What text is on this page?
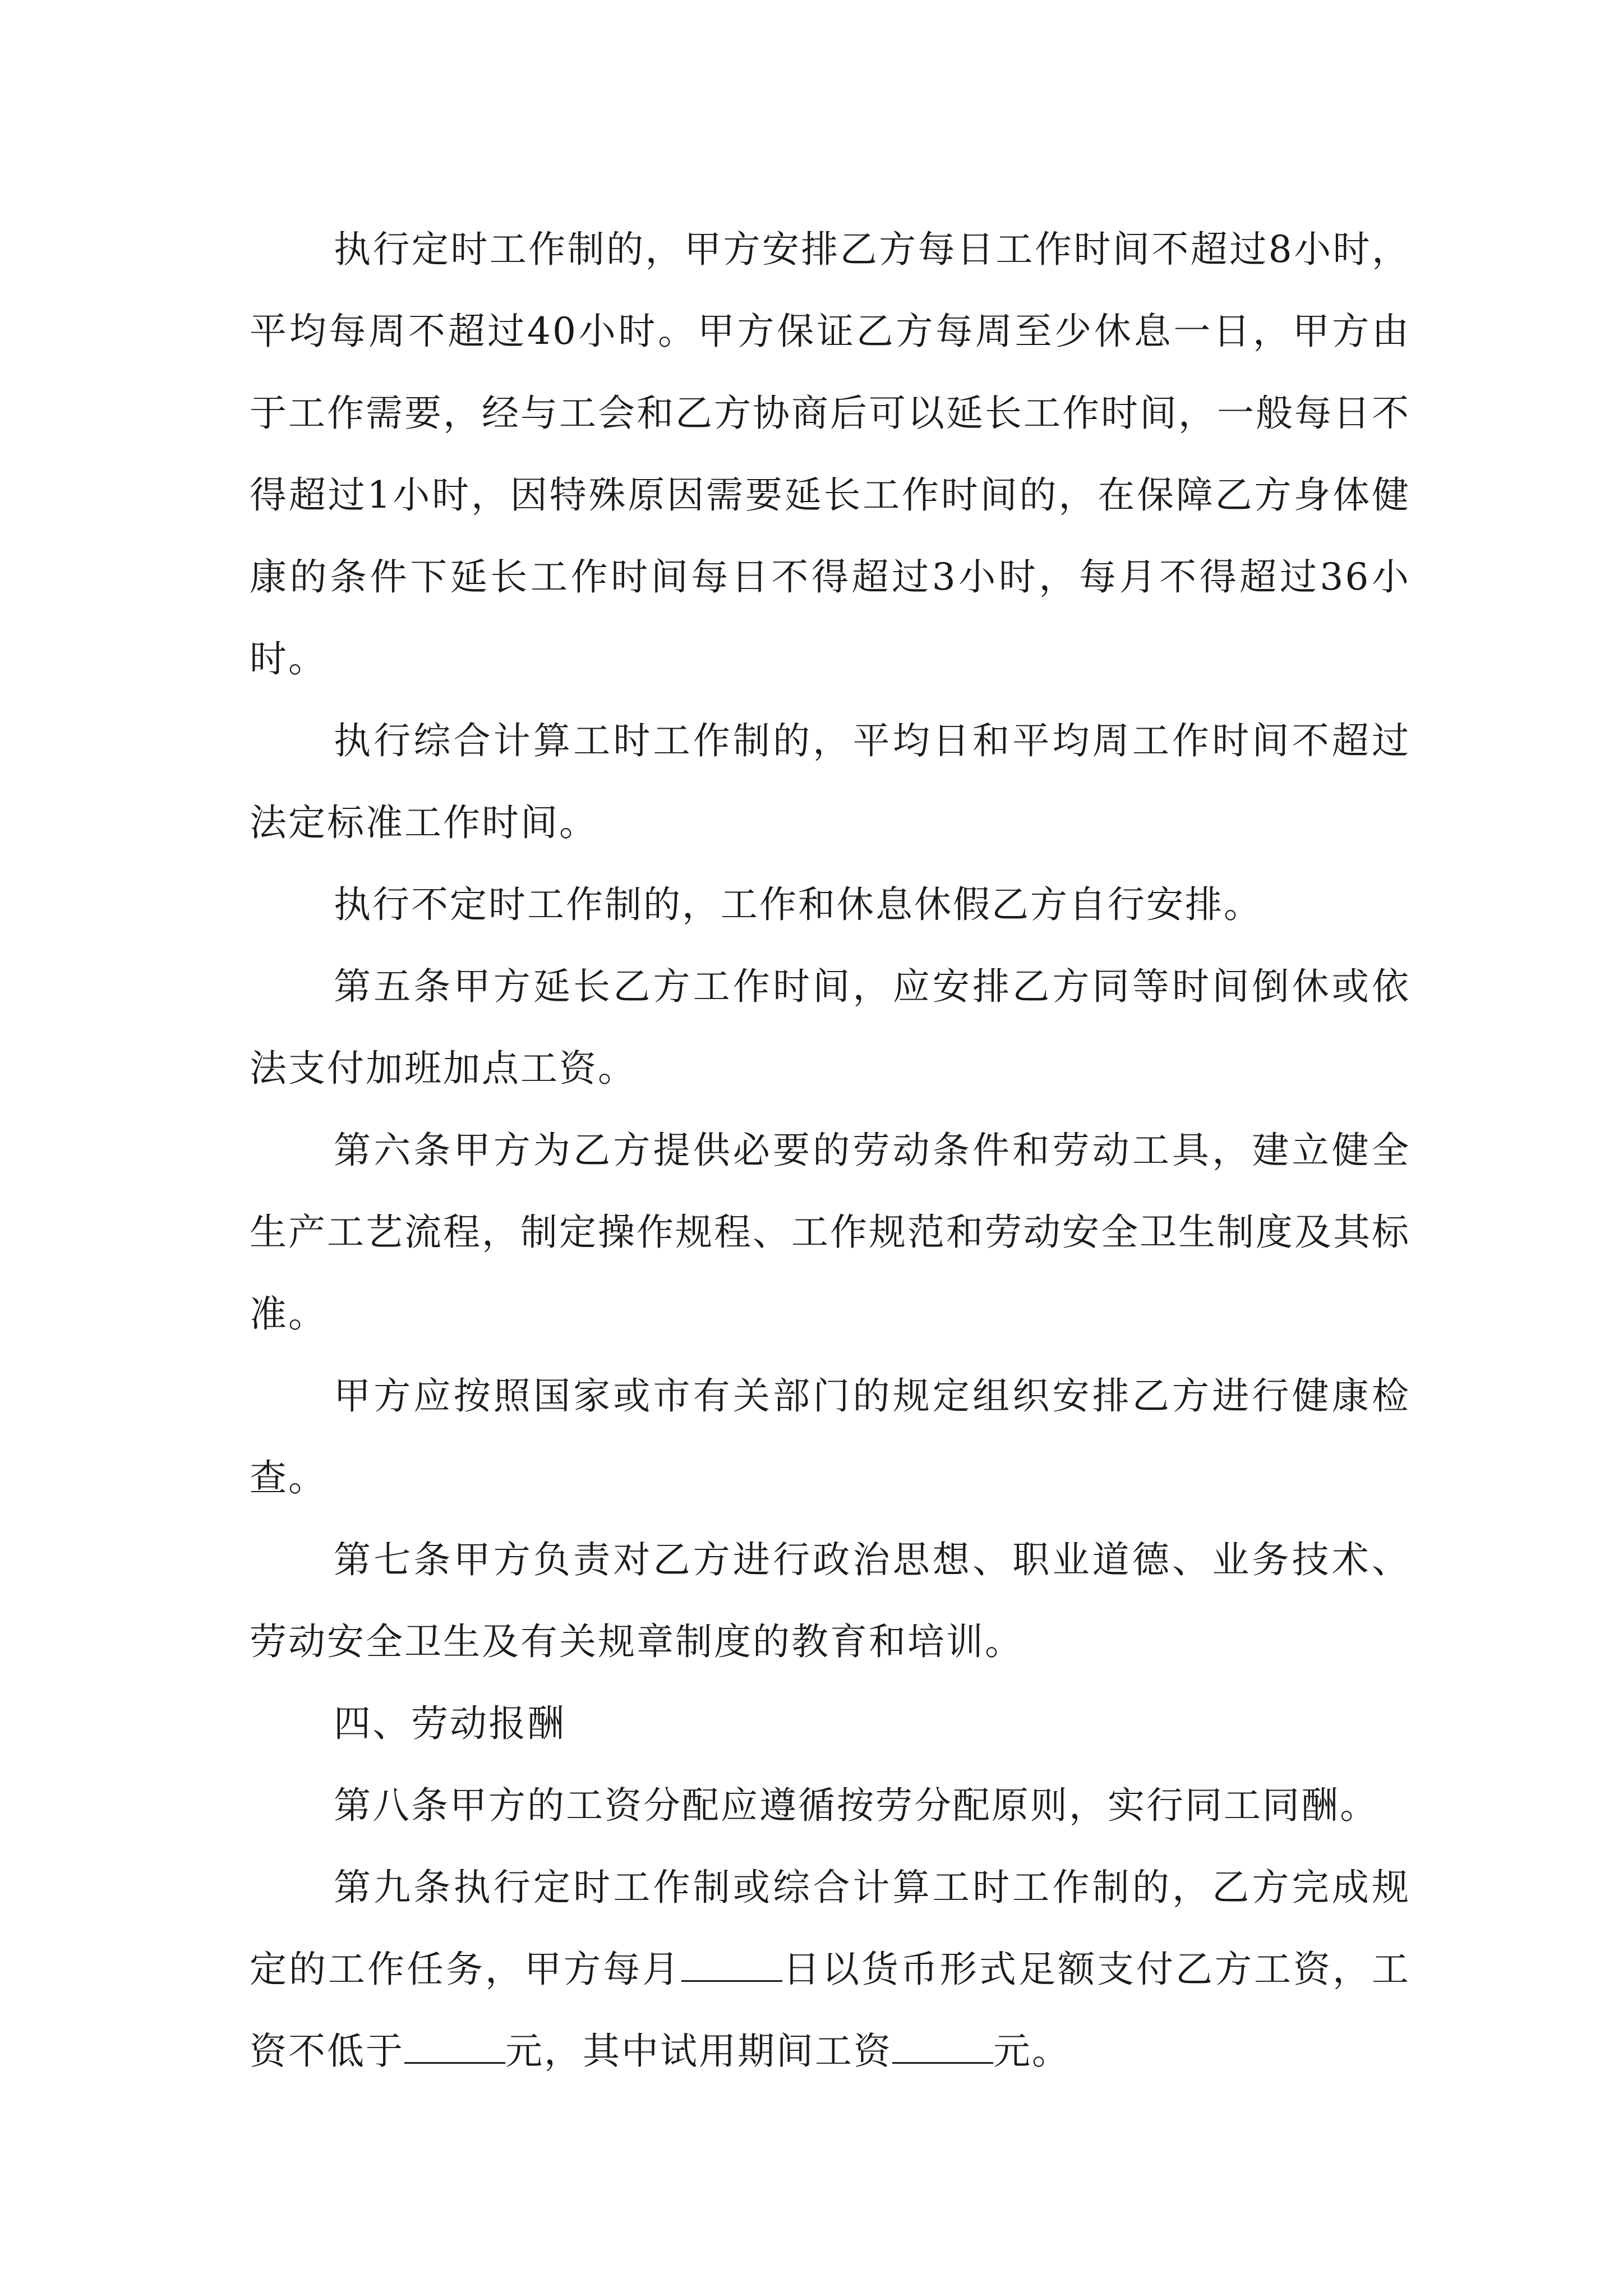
执行定时工作制的，甲方安排乙方每日工作时间不超过8小时，平均每周不超过40小时。甲方保证乙方每周至少休息一日，甲方由于工作需要，经与工会和乙方协商后可以延长工作时间，一般每日不得超过1小时，因特殊原因需要延长工作时间的，在保障乙方身体健康的条件下延长工作时间每日不得超过3小时，每月不得超过36小时。

执行综合计算工时工作制的，平均日和平均周工作时间不超过法定标准工作时间。

执行不定时工作制的，工作和休息休假乙方自行安排。

第五条甲方延长乙方工作时间，应安排乙方同等时间倒休或依法支付加班加点工资。

第六条甲方为乙方提供必要的劳动条件和劳动工具，建立健全生产工艺流程，制定操作规程、工作规范和劳动安全卫生制度及其标准。

甲方应按照国家或市有关部门的规定组织安排乙方进行健康检查。

第七条甲方负责对乙方进行政治思想、职业道德、业务技术、劳动安全卫生及有关规章制度的教育和培训。

四、劳动报酬

第八条甲方的工资分配应遵循按劳分配原则，实行同工同酬。

第九条执行定时工作制或综合计算工时工作制的，乙方完成规定的工作任务，甲方每月	日以货币形式足额支付乙方工资，工资不低于	元，其中试用期间工资	元。
